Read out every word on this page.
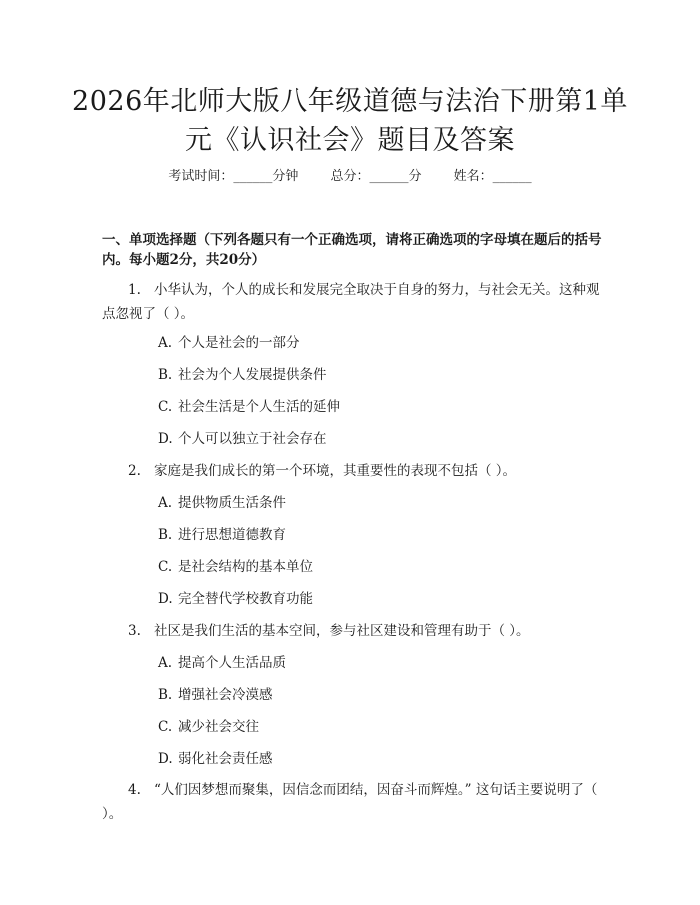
2026年北师大版八年级道德与法治下册第1单元《认识社会》题目及答案
考试时间：______分钟 总分：______分 姓名：______
一、单项选择题（下列各题只有一个正确选项，请将正确选项的字母填在题后的括号内。每小题2分，共20分）
1. 小华认为，个人的成长和发展完全取决于自身的努力，与社会无关。这种观点忽视了（ ）。
A. 个人是社会的一部分
B. 社会为个人发展提供条件
C. 社会生活是个人生活的延伸
D. 个人可以独立于社会存在
2. 家庭是我们成长的第一个环境，其重要性的表现不包括（ ）。
A. 提供物质生活条件
B. 进行思想道德教育
C. 是社会结构的基本单位
D. 完全替代学校教育功能
3. 社区是我们生活的基本空间，参与社区建设和管理有助于（ ）。
A. 提高个人生活品质
B. 增强社会冷漠感
C. 减少社会交往
D. 弱化社会责任感
4. “人们因梦想而聚集，因信念而团结，因奋斗而辉煌。” 这句话主要说明了（ ）。
